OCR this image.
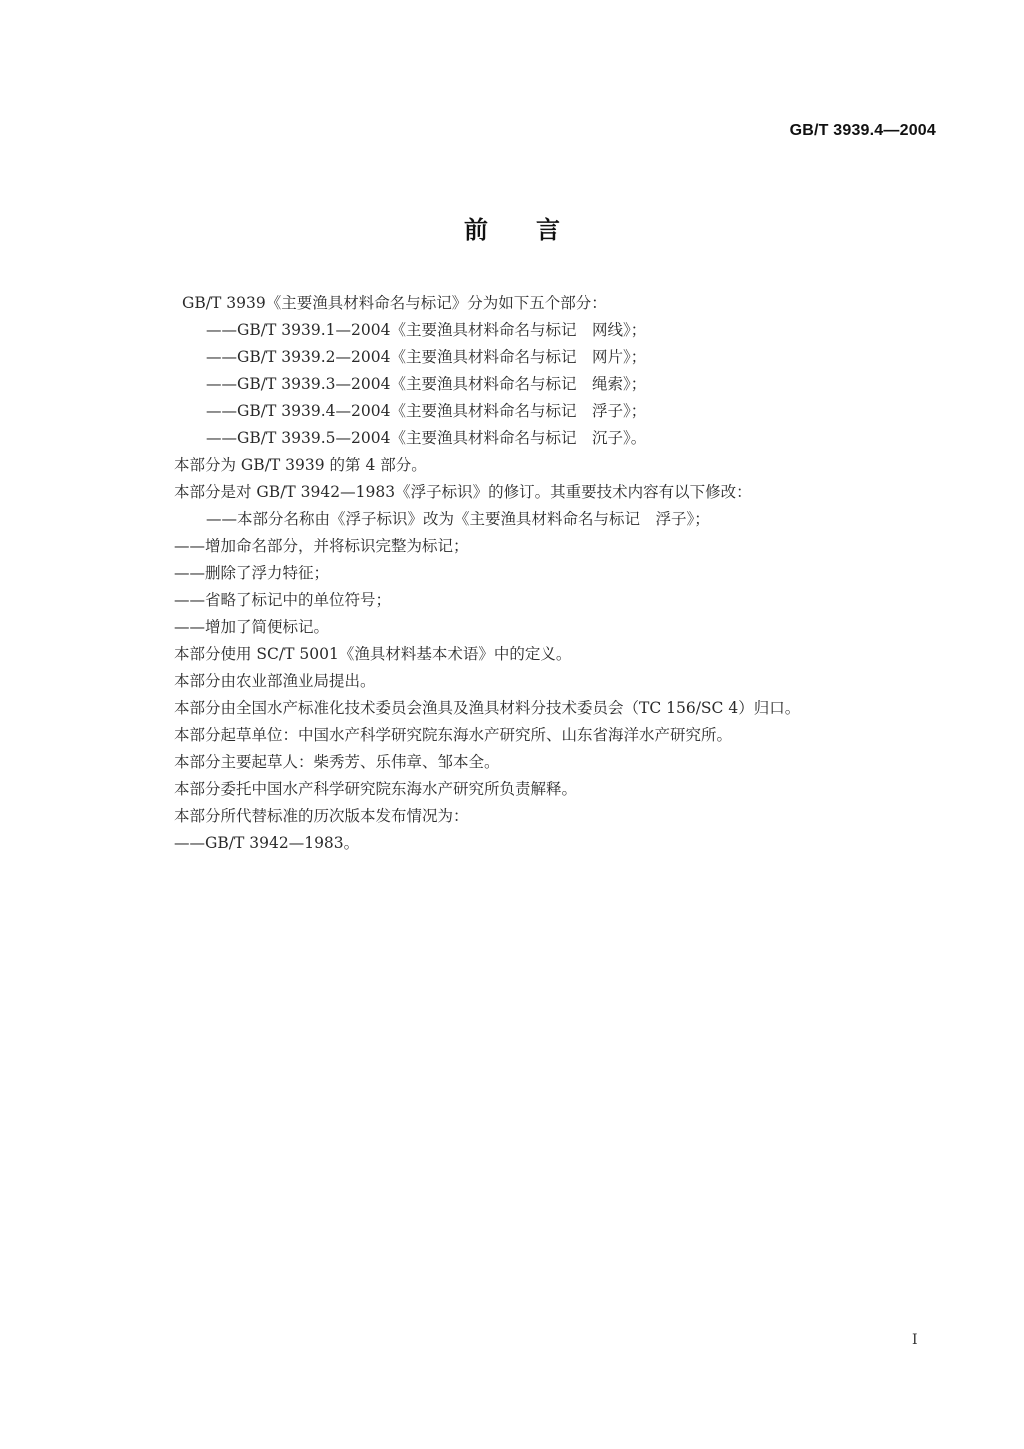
GB/T 3939.4—2004
前言
GB/T 3939《主要渔具材料命名与标记》分为如下五个部分：
——GB/T 3939.1—2004《主要渔具材料命名与标记　网线》；
——GB/T 3939.2—2004《主要渔具材料命名与标记　网片》；
——GB/T 3939.3—2004《主要渔具材料命名与标记　绳索》；
——GB/T 3939.4—2004《主要渔具材料命名与标记　浮子》；
——GB/T 3939.5—2004《主要渔具材料命名与标记　沉子》。
本部分为 GB/T 3939 的第 4 部分。
本部分是对 GB/T 3942—1983《浮子标识》的修订。其重要技术内容有以下修改：
——本部分名称由《浮子标识》改为《主要渔具材料命名与标记　浮子》；
——增加命名部分，并将标识完整为标记；
——删除了浮力特征；
——省略了标记中的单位符号；
——增加了简便标记。
本部分使用 SC/T 5001《渔具材料基本术语》中的定义。
本部分由农业部渔业局提出。
本部分由全国水产标准化技术委员会渔具及渔具材料分技术委员会（TC 156/SC 4）归口。
本部分起草单位：中国水产科学研究院东海水产研究所、山东省海洋水产研究所。
本部分主要起草人：柴秀芳、乐伟章、邹本全。
本部分委托中国水产科学研究院东海水产研究所负责解释。
本部分所代替标准的历次版本发布情况为：
——GB/T 3942—1983。
I
